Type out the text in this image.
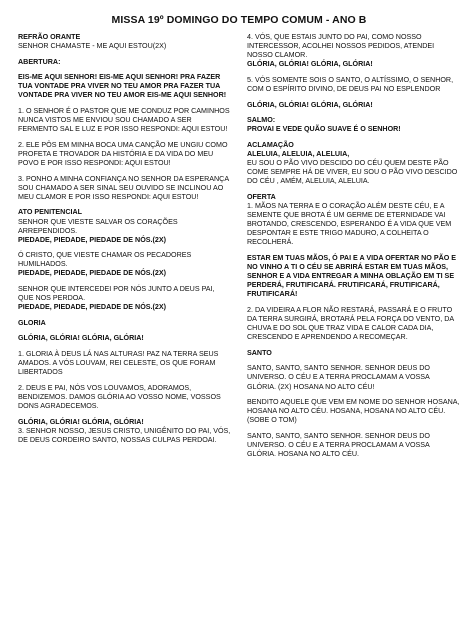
MISSA 19º DOMINGO DO TEMPO COMUM - ANO B
REFRÃO ORANTE

SENHOR CHAMASTE - ME AQUI ESTOU(2X)

ABERTURA:

EIS-ME AQUI SENHOR! EIS-ME AQUI SENHOR! PRA FAZER TUA VONTADE PRA VIVER NO TEU AMOR PRA FAZER TUA VONTADE PRA VIVER NO TEU AMOR EIS-ME AQUI SENHOR!

1. O SENHOR É O PASTOR QUE ME CONDUZ POR CAMINHOS NUNCA VISTOS ME ENVIOU SOU CHAMADO A SER FERMENTO SAL E LUZ E POR ISSO RESPONDI: AQUI ESTOU!

2. ELE PÔS EM MINHA BOCA UMA CANÇÃO ME UNGIU COMO PROFETA E TROVADOR DA HISTÓRIA E DA VIDA DO MEU POVO E POR ISSO RESPONDI: AQUI ESTOU!

3. PONHO A MINHA CONFIANÇA NO SENHOR DA ESPERANÇA SOU CHAMADO A SER SINAL SEU OUVIDO SE INCLINOU AO MEU CLAMOR E POR ISSO RESPONDI: AQUI ESTOU!

ATO PENITENCIAL
SENHOR QUE VIESTE SALVAR OS CORAÇÕES ARREPENDIDOS.

PIEDADE, PIEDADE, PIEDADE DE NÓS.(2X)

Ó CRISTO, QUE VIESTE CHAMAR OS PECADORES HUMILHADOS.

PIEDADE, PIEDADE, PIEDADE DE NÓS.(2X)

SENHOR QUE INTERCEDEI POR NÓS JUNTO A DEUS PAI, QUE NOS PERDOA.

PIEDADE, PIEDADE, PIEDADE DE NÓS.(2X)

GLORIA

GLÓRIA, GLÓRIA! GLÓRIA, GLÓRIA!

1. GLORIA À DEUS LÁ NAS ALTURAS! PAZ NA TERRA SEUS AMADOS. A VÓS LOUVAM, REI CELESTE, OS QUE FORAM LIBERTADOS

2. DEUS E PAI, NÓS VOS LOUVAMOS, ADORAMOS, BENDIZEMOS. DAMOS GLÓRIA AO VOSSO NOME, VOSSOS DONS AGRADECEMOS.

GLÓRIA, GLÓRIA! GLÓRIA, GLÓRIA!

3. SENHOR NOSSO, JESUS CRISTO, UNIGÊNITO DO PAI, VÓS, DE DEUS CORDEIRO SANTO, NOSSAS CULPAS PERDOAI.

4. VÓS, QUE ESTAIS JUNTO DO PAI, COMO NOSSO INTERCESSOR, ACOLHEI NOSSOS PEDIDOS, ATENDEI NOSSO CLAMOR.

GLÓRIA, GLÓRIA! GLÓRIA, GLÓRIA!

5. VÓS SOMENTE SOIS O SANTO, O ALTÍSSIMO, O SENHOR, COM O ESPÍRITO DIVINO, DE DEUS PAI NO ESPLENDOR

GLÓRIA, GLÓRIA! GLÓRIA, GLÓRIA!

SALMO:

PROVAI E VEDE QUÃO SUAVE É O SENHOR!

ACLAMAÇÃO
ALELUIA, ALELUIA, ALELUIA,

EU SOU O PÃO VIVO DESCIDO DO CÉU QUEM DESTE PÃO COME SEMPRE HÁ DE VIVER, EU SOU O PÃO VIVO DESCIDO DO CÉU , AMÉM, ALELUIA, ALELUIA.

OFERTA

1. MÃOS NA TERRA E O CORAÇÃO ALÉM DESTE CÉU, E A SEMENTE QUE BROTA É UM GERME DE ETERNIDADE VAI BROTANDO, CRESCENDO, ESPERANDO É A VIDA QUE VEM DESPONTAR E ESTE TRIGO MADURO, A COLHEITA O RECOLHERÁ.

ESTAR EM TUAS MÃOS, Ó PAI E A VIDA OFERTAR NO PÃO E NO VINHO A TI O CÉU SE ABRIRÁ ESTAR EM TUAS MÃOS, SENHOR E A VIDA ENTREGAR A MINHA OBLAÇÃO EM TI SE PERDERÁ, FRUTIFICARÁ. FRUTIFICARÁ, FRUTIFICARÁ, FRUTIFICARÁ!

2. DA VIDEIRA A FLOR NÃO RESTARÁ, PASSARÁ E O FRUTO DA TERRA SURGIRÁ, BROTARÁ PELA FORÇA DO VENTO, DA CHUVA E DO SOL QUE TRAZ VIDA E CALOR CADA DIA, CRESCENDO E APRENDENDO A RECOMEÇAR.

SANTO

SANTO, SANTO, SANTO SENHOR. SENHOR DEUS DO UNIVERSO. O CÉU E A TERRA PROCLAMAM A VOSSA GLÓRIA. (2X) HOSANA NO ALTO CÉU!

BENDITO AQUELE QUE VEM EM NOME DO SENHOR HOSANA, HOSANA NO ALTO CÉU. HOSANA, HOSANA NO ALTO CÉU. (SOBE O TOM)

SANTO, SANTO, SANTO SENHOR. SENHOR DEUS DO UNIVERSO. O CÉU E A TERRA PROCLAMAM A VOSSA GLÓRIA. HOSANA NO ALTO CÉU.
